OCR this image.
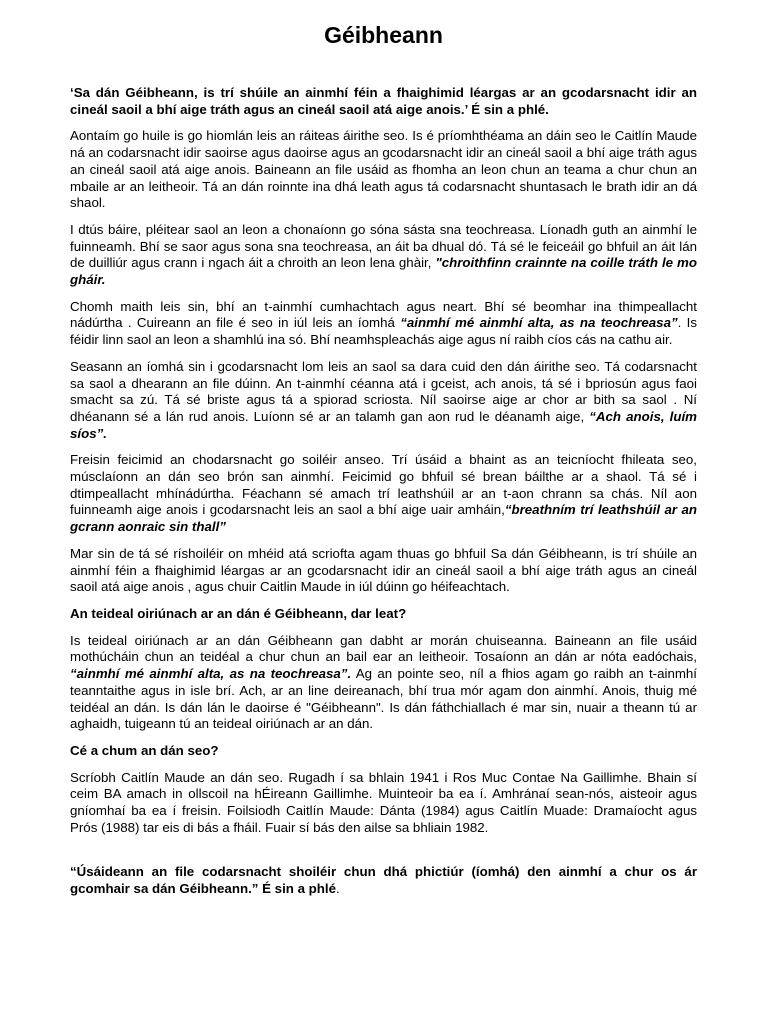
Géibheann

‘Sa dán Géibheann, is trí shúile an ainmhí féin a fhaighimid léargas ar an gcodarsnacht idir an cineál saoil a bhí aige tráth agus an cineál saoil atá aige anois.’ É sin a phlé.

Aontaím go huile is go hiomlán leis an ráiteas áirithe seo. Is é príomhthéama an dáin seo le Caitlín Maude ná an codarsnacht idir saoirse agus daoirse agus an gcodarsnacht idir an cineál saoil a bhí aige tráth agus an cineál saoil atá aige anois. Baineann an file usáid as fhomha an leon chun an teama a chur chun an mbaile ar an leitheoir. Tá an dán roinnte ina dhá leath agus tá codarsnacht shuntasach le brath idir an dá shaol.

I dtús báire, pléitear saol an leon a chonaíonn go sóna sásta sna teochreasa. Líonadh guth an ainmhí le fuinneamh. Bhí se saor agus sona sna teochreasa, an áit ba dhual dó. Tá sé le feiceáil go bhfuil an áit lán de duilliúr agus crann i ngach áit a chroith an leon lena ghàir, "chroithfinn crainnte na coille tráth le mo gháir.

Chomh maith leis sin, bhí an t-ainmhí cumhachtach agus neart. Bhí sé beomhar ina thimpeallacht nádúrtha . Cuireann an file é seo in iúl leis an íomhá “ainmhí mé ainmhí alta, as na teochreasa”. Is féidir linn saol an leon a shamhlú ina só. Bhí neamhspleachás aige agus ní raibh cíos cás na cathu air.

Seasann an íomhá sin i gcodarsnacht lom leis an saol sa dara cuid den dán áirithe seo. Tá codarsnacht sa saol a dhearann an file dúinn. An t-ainmhí céanna atá i gceist, ach anois, tá sé i bpriosún agus faoi smacht sa zú. Tá sé briste agus tá a spiorad scriosta. Níl saoirse aige ar chor ar bith sa saol . Ní dhéanann sé a lán rud anois. Luíonn sé ar an talamh gan aon rud le déanamh aige, “Ach anois, luím síos”.

Freisin feicimid an chodarsnacht go soiléir anseo. Trí úsáid a bhaint as an teicníocht fhileata seo, músclaíonn an dán seo brón san ainmhí. Feicimid go bhfuil sé brean báilthe ar a shaol. Tá sé i dtimpeallacht mhínádúrtha. Féachann sé amach trí leathshúil ar an t-aon chrann sa chás. Níl aon fuinneamh aige anois i gcodarsnacht leis an saol a bhí aige uair amháin,“breathním trí leathshúil ar an gcrann aonraic sin thall”

Mar sin de tá sé ríshoiléir on mhéid atá scriofta agam thuas go bhfuil Sa dán Géibheann, is trí shúile an ainmhí féin a fhaighimid léargas ar an gcodarsnacht idir an cineál saoil a bhí aige tráth agus an cineál saoil atá aige anois , agus chuir Caitlin Maude in iúl dúinn go héifeachtach.

An teideal oiriúnach ar an dán é Géibheann, dar leat?

Is teideal oiriúnach ar an dán Géibheann gan dabht ar morán chuiseanna. Baineann an file usáid mothúcháin chun an teidéal a chur chun an bail ear an leitheoir. Tosaíonn an dán ar nóta eadóchais, “ainmhí mé ainmhí alta, as na teochreasa”. Ag an pointe seo, níl a fhios agam go raibh an t-ainmhí teanntaithe agus in isle brí. Ach, ar an line deireanach, bhí trua mór agam don ainmhí. Anois, thuig mé teidéal an dán. Is dán lán le daoirse é "Géibheann". Is dán fáthchiallach é mar sin, nuair a theann tú ar aghaidh, tuigeann tú an teideal oiriúnach ar an dán.

Cé a chum an dán seo?

Scríobh Caitlín Maude an dán seo. Rugadh í sa bhlain 1941 i Ros Muc Contae Na Gaillimhe. Bhain sí ceim BA amach in ollscoil na hÉireann Gaillimhe. Muinteoir ba ea í. Amhránaí sean-nós, aisteoir agus gníomhaí ba ea í freisin. Foilsiodh Caitlín Maude: Dánta (1984) agus Caitlín Muade: Dramaíocht agus Prós (1988) tar eis di bás a fháil. Fuair sí bás den ailse sa bhliain 1982.

“Úsáideann an file codarsnacht shoiléir chun dhá phictiúr (íomhá) den ainmhí a chur os ár gcomhair sa dán Géibheann.” É sin a phlé.
